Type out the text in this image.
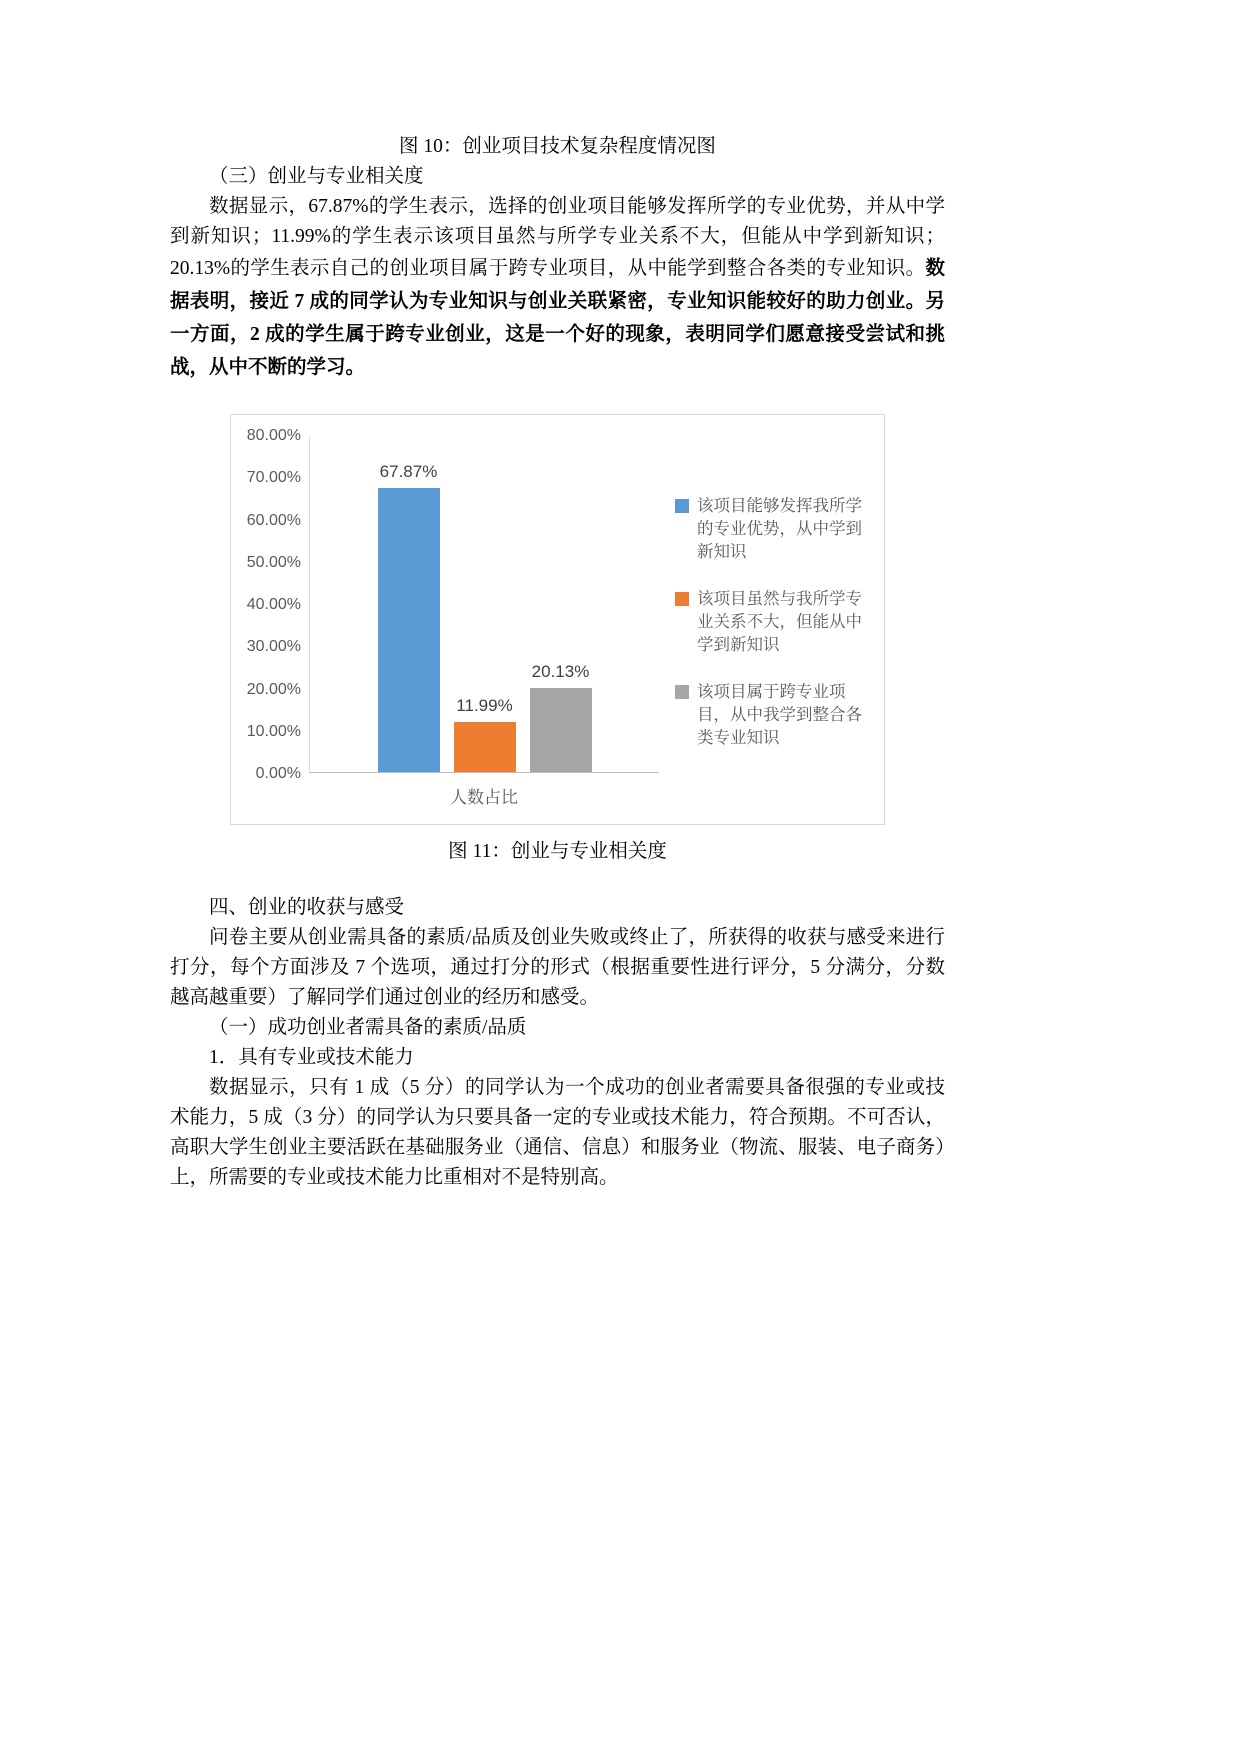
图 10：创业项目技术复杂程度情况图

（三）创业与专业相关度

数据显示，67.87%的学生表示，选择的创业项目能够发挥所学的专业优势，并从中学到新知识；11.99%的学生表示该项目虽然与所学专业关系不大，但能从中学到新知识；20.13%的学生表示自己的创业项目属于跨专业项目，从中能学到整合各类的专业知识。数据表明，接近 7 成的同学认为专业知识与创业关联紧密，专业知识能较好的助力创业。另一方面，2 成的学生属于跨专业创业，这是一个好的现象，表明同学们愿意接受尝试和挑战，从中不断的学习。

80.00%
70.00%
60.00%
50.00%
40.00%
30.00%
20.00%
10.00%
0.00%
67.87%
11.99%
20.13%
人数占比
该项目能够发挥我所学的专业优势，从中学到新知识
该项目虽然与我所学专业关系不大，但能从中学到新知识
该项目属于跨专业项目，从中我学到整合各类专业知识

图 11：创业与专业相关度

四、创业的收获与感受

问卷主要从创业需具备的素质/品质及创业失败或终止了，所获得的收获与感受来进行打分，每个方面涉及 7 个选项，通过打分的形式（根据重要性进行评分，5 分满分，分数越高越重要）了解同学们通过创业的经历和感受。

（一）成功创业者需具备的素质/品质

1．具有专业或技术能力

数据显示，只有 1 成（5 分）的同学认为一个成功的创业者需要具备很强的专业或技术能力，5 成（3 分）的同学认为只要具备一定的专业或技术能力，符合预期。不可否认，高职大学生创业主要活跃在基础服务业（通信、信息）和服务业（物流、服装、电子商务）上，所需要的专业或技术能力比重相对不是特别高。
